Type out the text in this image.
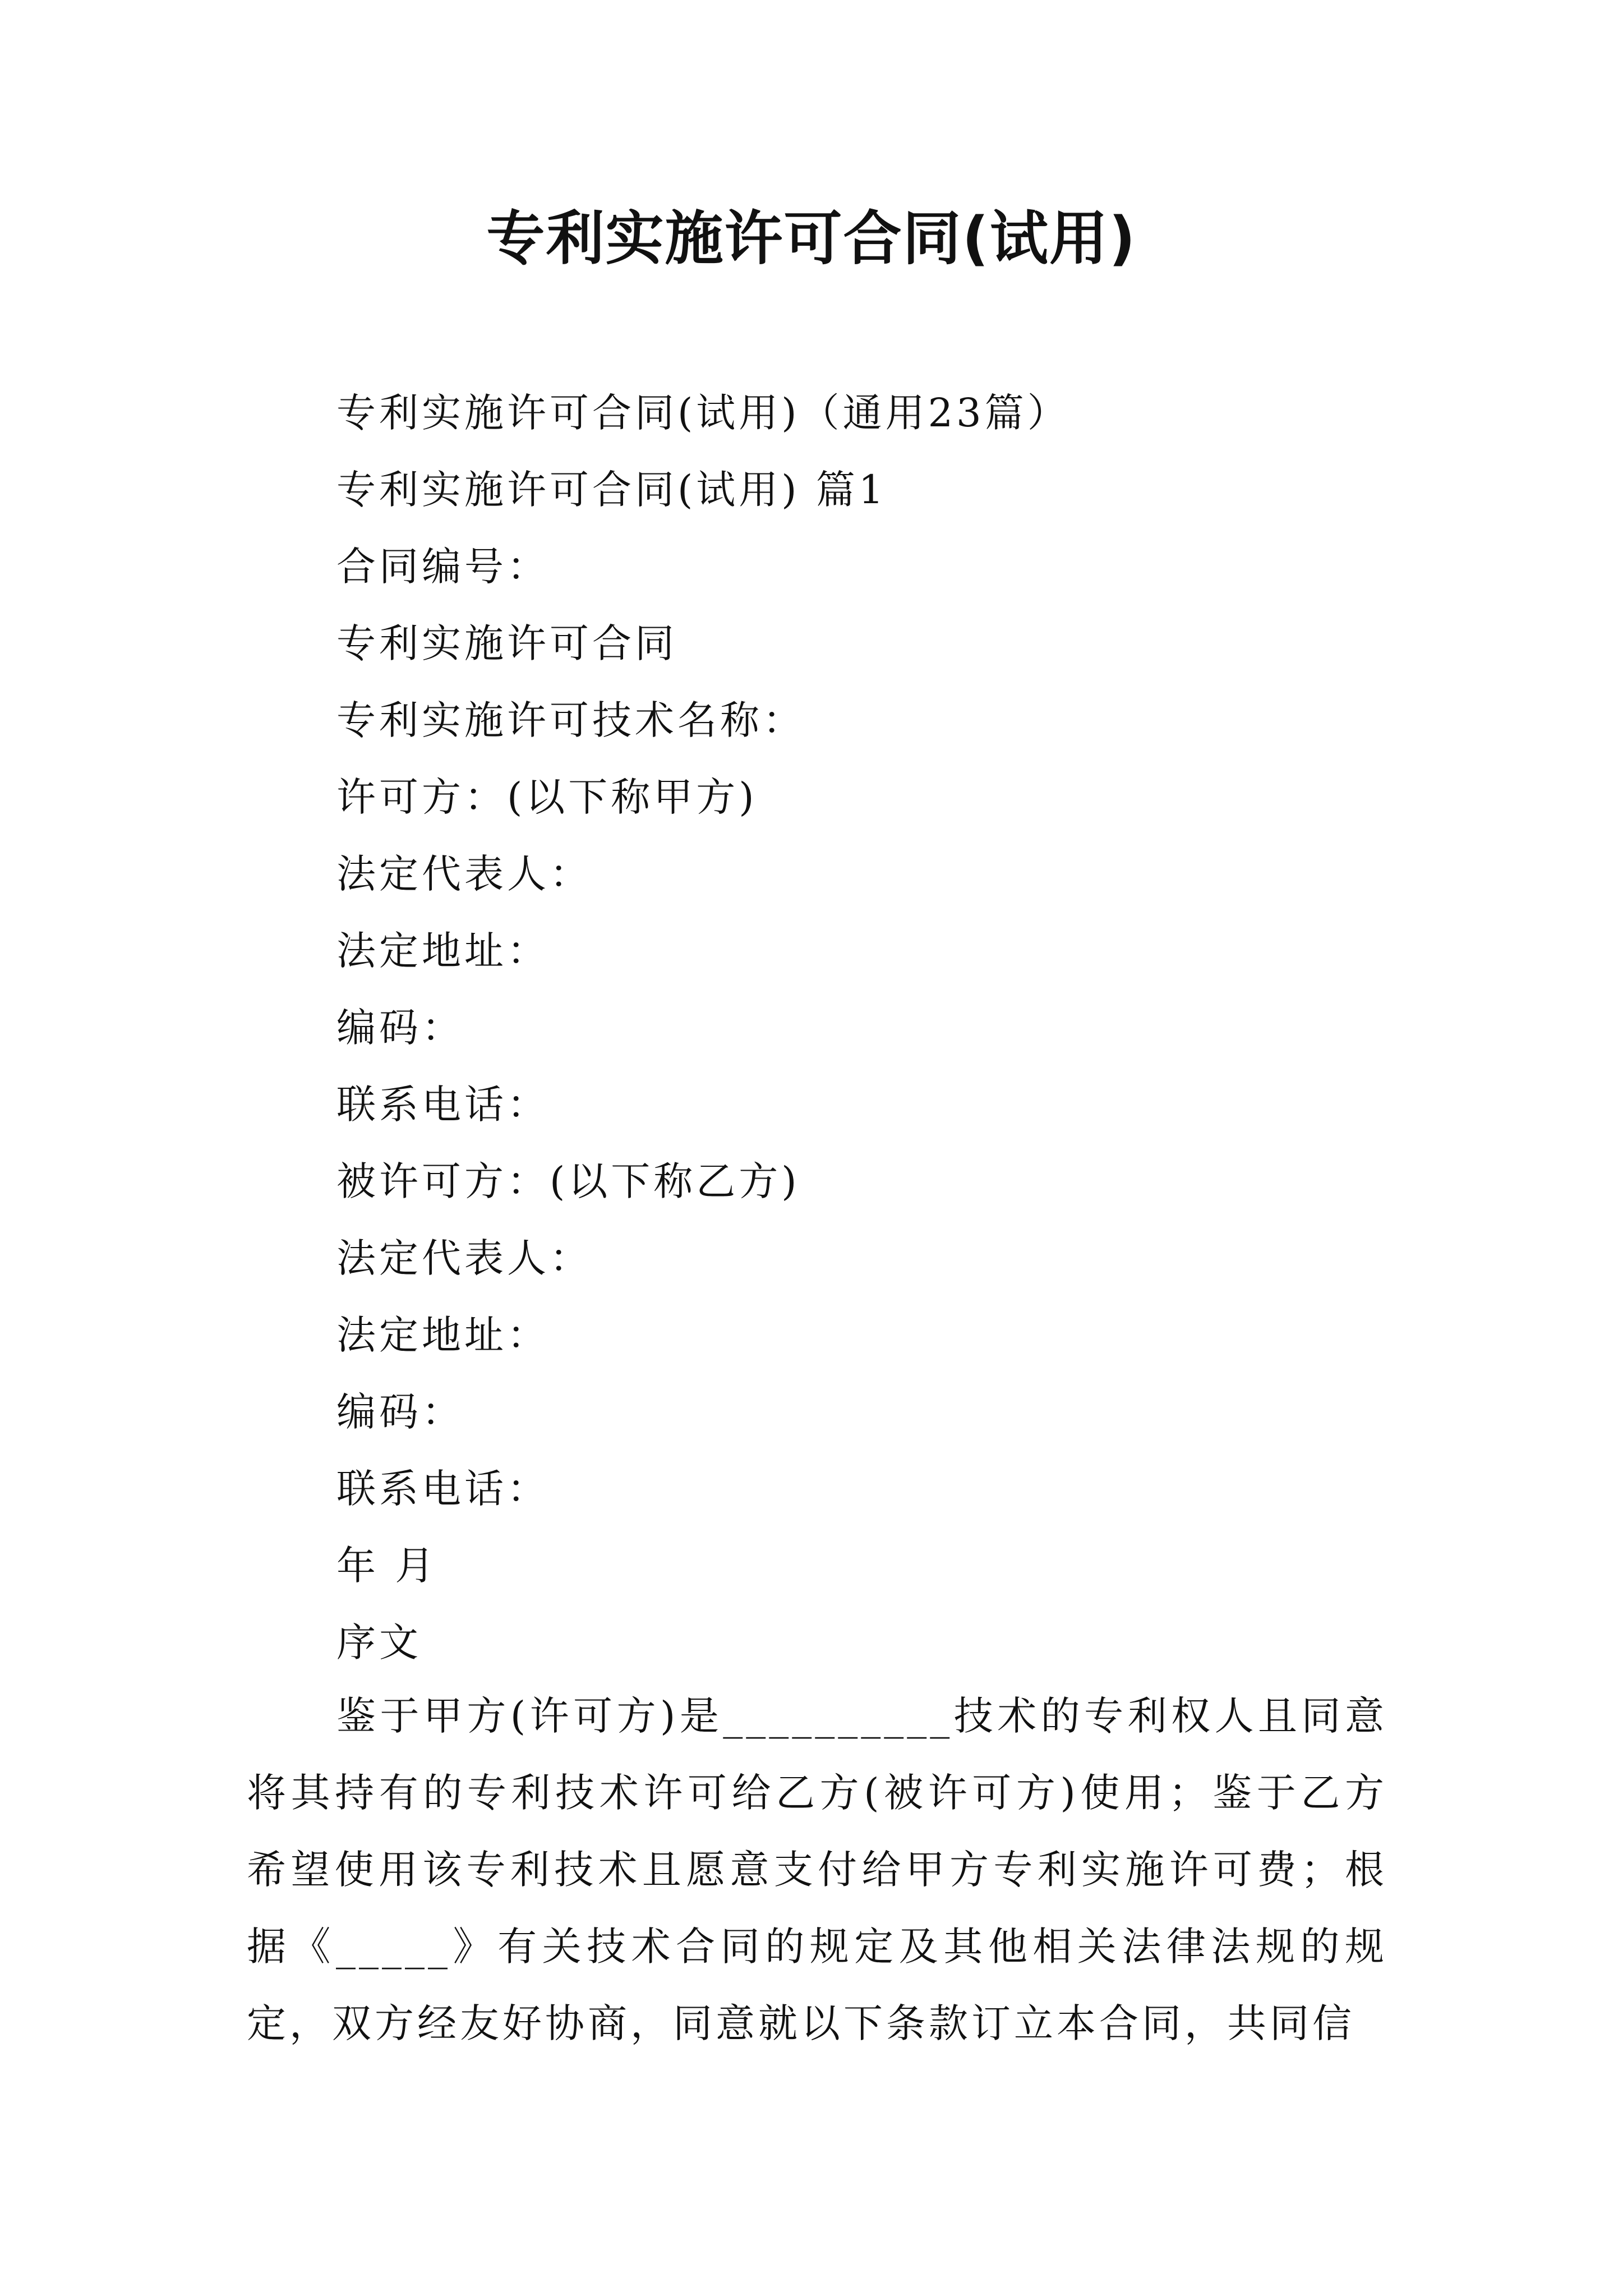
专利实施许可合同(试用)
专利实施许可合同(试用)（通用23篇）
专利实施许可合同(试用) 篇1
合同编号：
专利实施许可合同
专利实施许可技术名称：
许可方：(以下称甲方)
法定代表人：
法定地址：
编码：
联系电话：
被许可方：(以下称乙方)
法定代表人：
法定地址：
编码：
联系电话：
年 月
序文

鉴于甲方(许可方)是__________技术的专利权人且同意将其持有的专利技术许可给乙方(被许可方)使用；鉴于乙方希望使用该专利技术且愿意支付给甲方专利实施许可费；根据《_____》有关技术合同的规定及其他相关法律法规的规定，双方经友好协商，同意就以下条款订立本合同，共同信
